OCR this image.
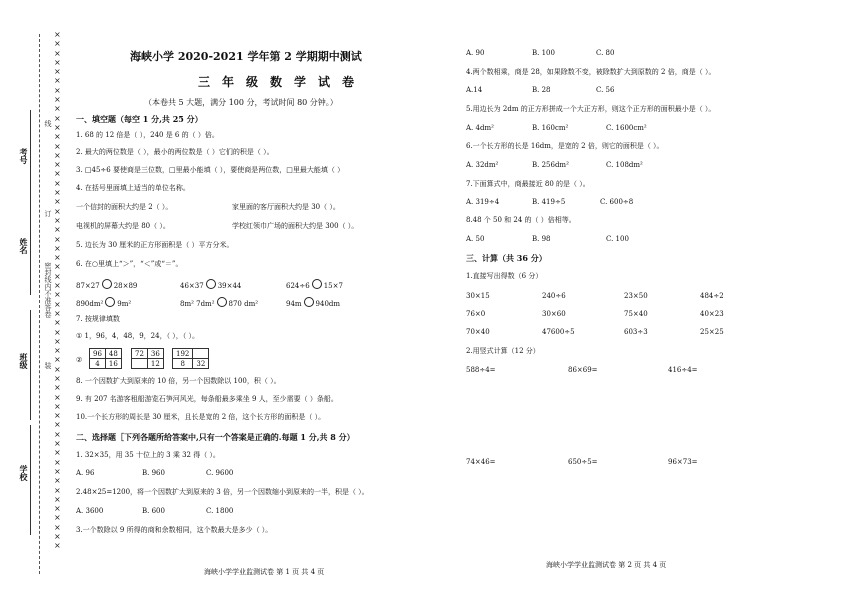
××××××××××××××××××××××××××××××××××××××××××××××××××××××××
考号
姓名
班级
学校
线
订
装
密封线内不准答卷
海峡小学 2020-2021 学年第 2 学期期中测试
三年级数学试卷
（本卷共 5 大题，满分 100 分，考试时间 80 分钟。）
一、填空题（每空 1 分,共 25 分）
1. 68 的 12 倍是（ ），240 是 6 的（ ）倍。
2. 最大的两位数是（ ），最小的两位数是（ ）它们的积是（ ）。
3. □45÷6 要使商是三位数，□里最小能填（ ），要使商是两位数，□里最大能填（ ）
4. 在括号里面填上适当的单位名称。
一个信封的面积大约是 2（ ）。	家里面的客厅面积大约是 30（ ）。
电视机的屏幕大约是 80（ ）。	学校红领巾广场的面积大约是 300（ ）。
5. 边长为 30 厘米的正方形面积是（ ）平方分米。
6. 在○里填上“＞”，“＜”或“＝”。
87×27 28×89	46×37 39×44	624÷6 15×7
890dm² 9m²	8m² 7dm² 870 dm²	94m 940dm
7. 按规律填数
① 1，96，4，48，9，24，（ ），（ ）。
②
96	48
4	16
72	36
	12
192	
8	32
8. 一个因数扩大到原来的 10 倍，另一个因数除以 100，积（ ）。
9. 有 207 名游客租船游览石笋河风光，每条船最多乘坐 9 人，至少需要（ ）条船。
10.一个长方形的周长是 30 厘米，且长是宽的 2 倍，这个长方形的面积是（ ）。
二、选择题［下列各题所给答案中,只有一个答案是正确的.每题 1 分,共 8 分）
1. 32×35，用 35 十位上的 3 乘 32 得（ ）。
A. 96	B. 960	C. 9600
2.48×25=1200，将一个因数扩大到原来的 3 倍，另一个因数缩小到原来的一半，积是（ ）。
A. 3600	B. 600	C. 1800
3.一个数除以 9 所得的商和余数相同，这个数最大是多少（ ）。
海峡小学学业监测试卷 第 1 页 共 4 页
A. 90	B. 100	C. 80
4.两个数相乘，商是 28，如果除数不变，被除数扩大到原数的 2 倍，商是（ ）。
A.14	B. 28	C. 56
5.用边长为 2dm 的正方形拼成一个大正方形，则这个正方形的面积最小是（ ）。
A. 4dm²	B. 160cm²	C. 1600cm²
6.一个长方形的长是 16dm，是宽的 2 倍，则它的面积是（ ）。
A. 32dm²	B. 256dm²	C. 108dm²
7.下面算式中，商最接近 80 的是（ ）。
A. 319÷4	B. 419÷5	C. 600÷8
8.48 个 50 和 24 的（ ）倍相等。
A. 50	B. 98	C. 100
三、计算（共 36 分）
1.直接写出得数（6 分）
30×15	240÷6	23×50	484÷2
76×0	30×60	75×40	40×23
70×40	47600÷5	603÷3	25×25
2.用竖式计算（12 分）
588÷4=	86×69=	416÷4=
74×46=	650÷5=	96×73=
海峡小学学业监测试卷 第 2 页 共 4 页
